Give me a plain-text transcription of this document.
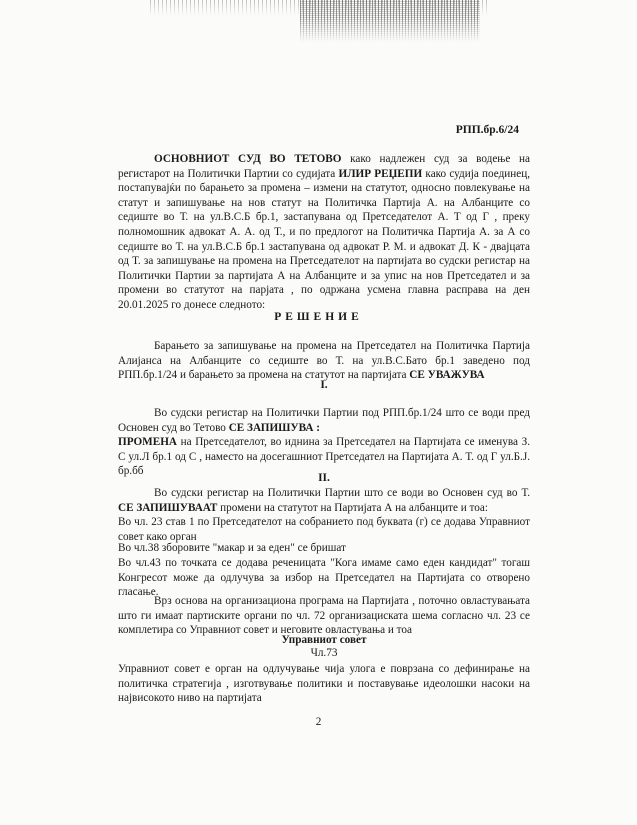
РПП.бр.6/24
ОСНОВНИОТ СУД ВО ТЕТОВО како надлежен суд за водење на регистарот на Политички Партии со судијата ИЛИР РЕЏЕПИ како судија поединец, постапувајќи по барањето за промена – измени на статутот, односно повлекување на статут и запишување на нов статут на Политичка Партија А. на Албанците со седиште во Т. на ул.В.С.Б бр.1, застапувана од Претседателот А. Т од Г , преку полномошник адвокат А. А. од Т., и по предлогот на Политичка Партија А. за А со седиште во Т. на ул.В.С.Б бр.1 застапувана од адвокат Р. М. и адвокат Д. К - двајцата од Т. за запишување на промена на Претседателот на партијата во судски регистар на Политички Партии за партијата А на Албанците и за упис на нов Претседател и за промени во статутот на парјата , по одржана усмена главна расправа на ден 20.01.2025 го донесе следното:
РЕШЕНИЕ
Барањето за запишување на промена на Претседател на Политичка Партија Алијанса на Албанците со седиште во Т. на ул.В.С.Бато бр.1 заведено под РПП.бр.1/24 и барањето за промена на статутот на партијата СЕ УВАЖУВА
I.
Во судски регистар на Политички Партии под РПП.бр.1/24 што се води пред Основен суд во Тетово СЕ ЗАПИШУВА :
ПРОМЕНА на Претседателот, во иднина за Претседател на Партијата се именува З. С ул.Л бр.1 од С , наместо на досегашниот Претседател на Партијата А. Т. од Г ул.Б.Ј. бр.бб
II.
Во судски регистар на Политички Партии што се води во Основен суд во Т. СЕ ЗАПИШУВААТ промени на статутот на Партијата А на албанците и тоа:
Во чл. 23 став 1 по Претседателот на собранието под буквата (г) се додава Управниот совет како орган
Во чл.38 зборовите "макар и за еден" се бришат
Во чл.43 по точката се додава реченицата "Кога имаме само еден кандидат" тогаш Конгресот може да одлучува за избор на Претседател на Партијата со отворено гласање.
Врз основа на организациона програма на Партијата , поточно овластувањата што ги имаат партиските органи по чл. 72 организациската шема согласно чл. 23 се комплетира со Управниот совет и неговите овластувања и тоа
Управниот совет
Чл.73
Управниот совет е орган на одлучување чија улога е поврзана со дефинирање на политичка стратегија , изготвување политики и поставување идеолошки насоки на највисокото ниво на партијата
2
